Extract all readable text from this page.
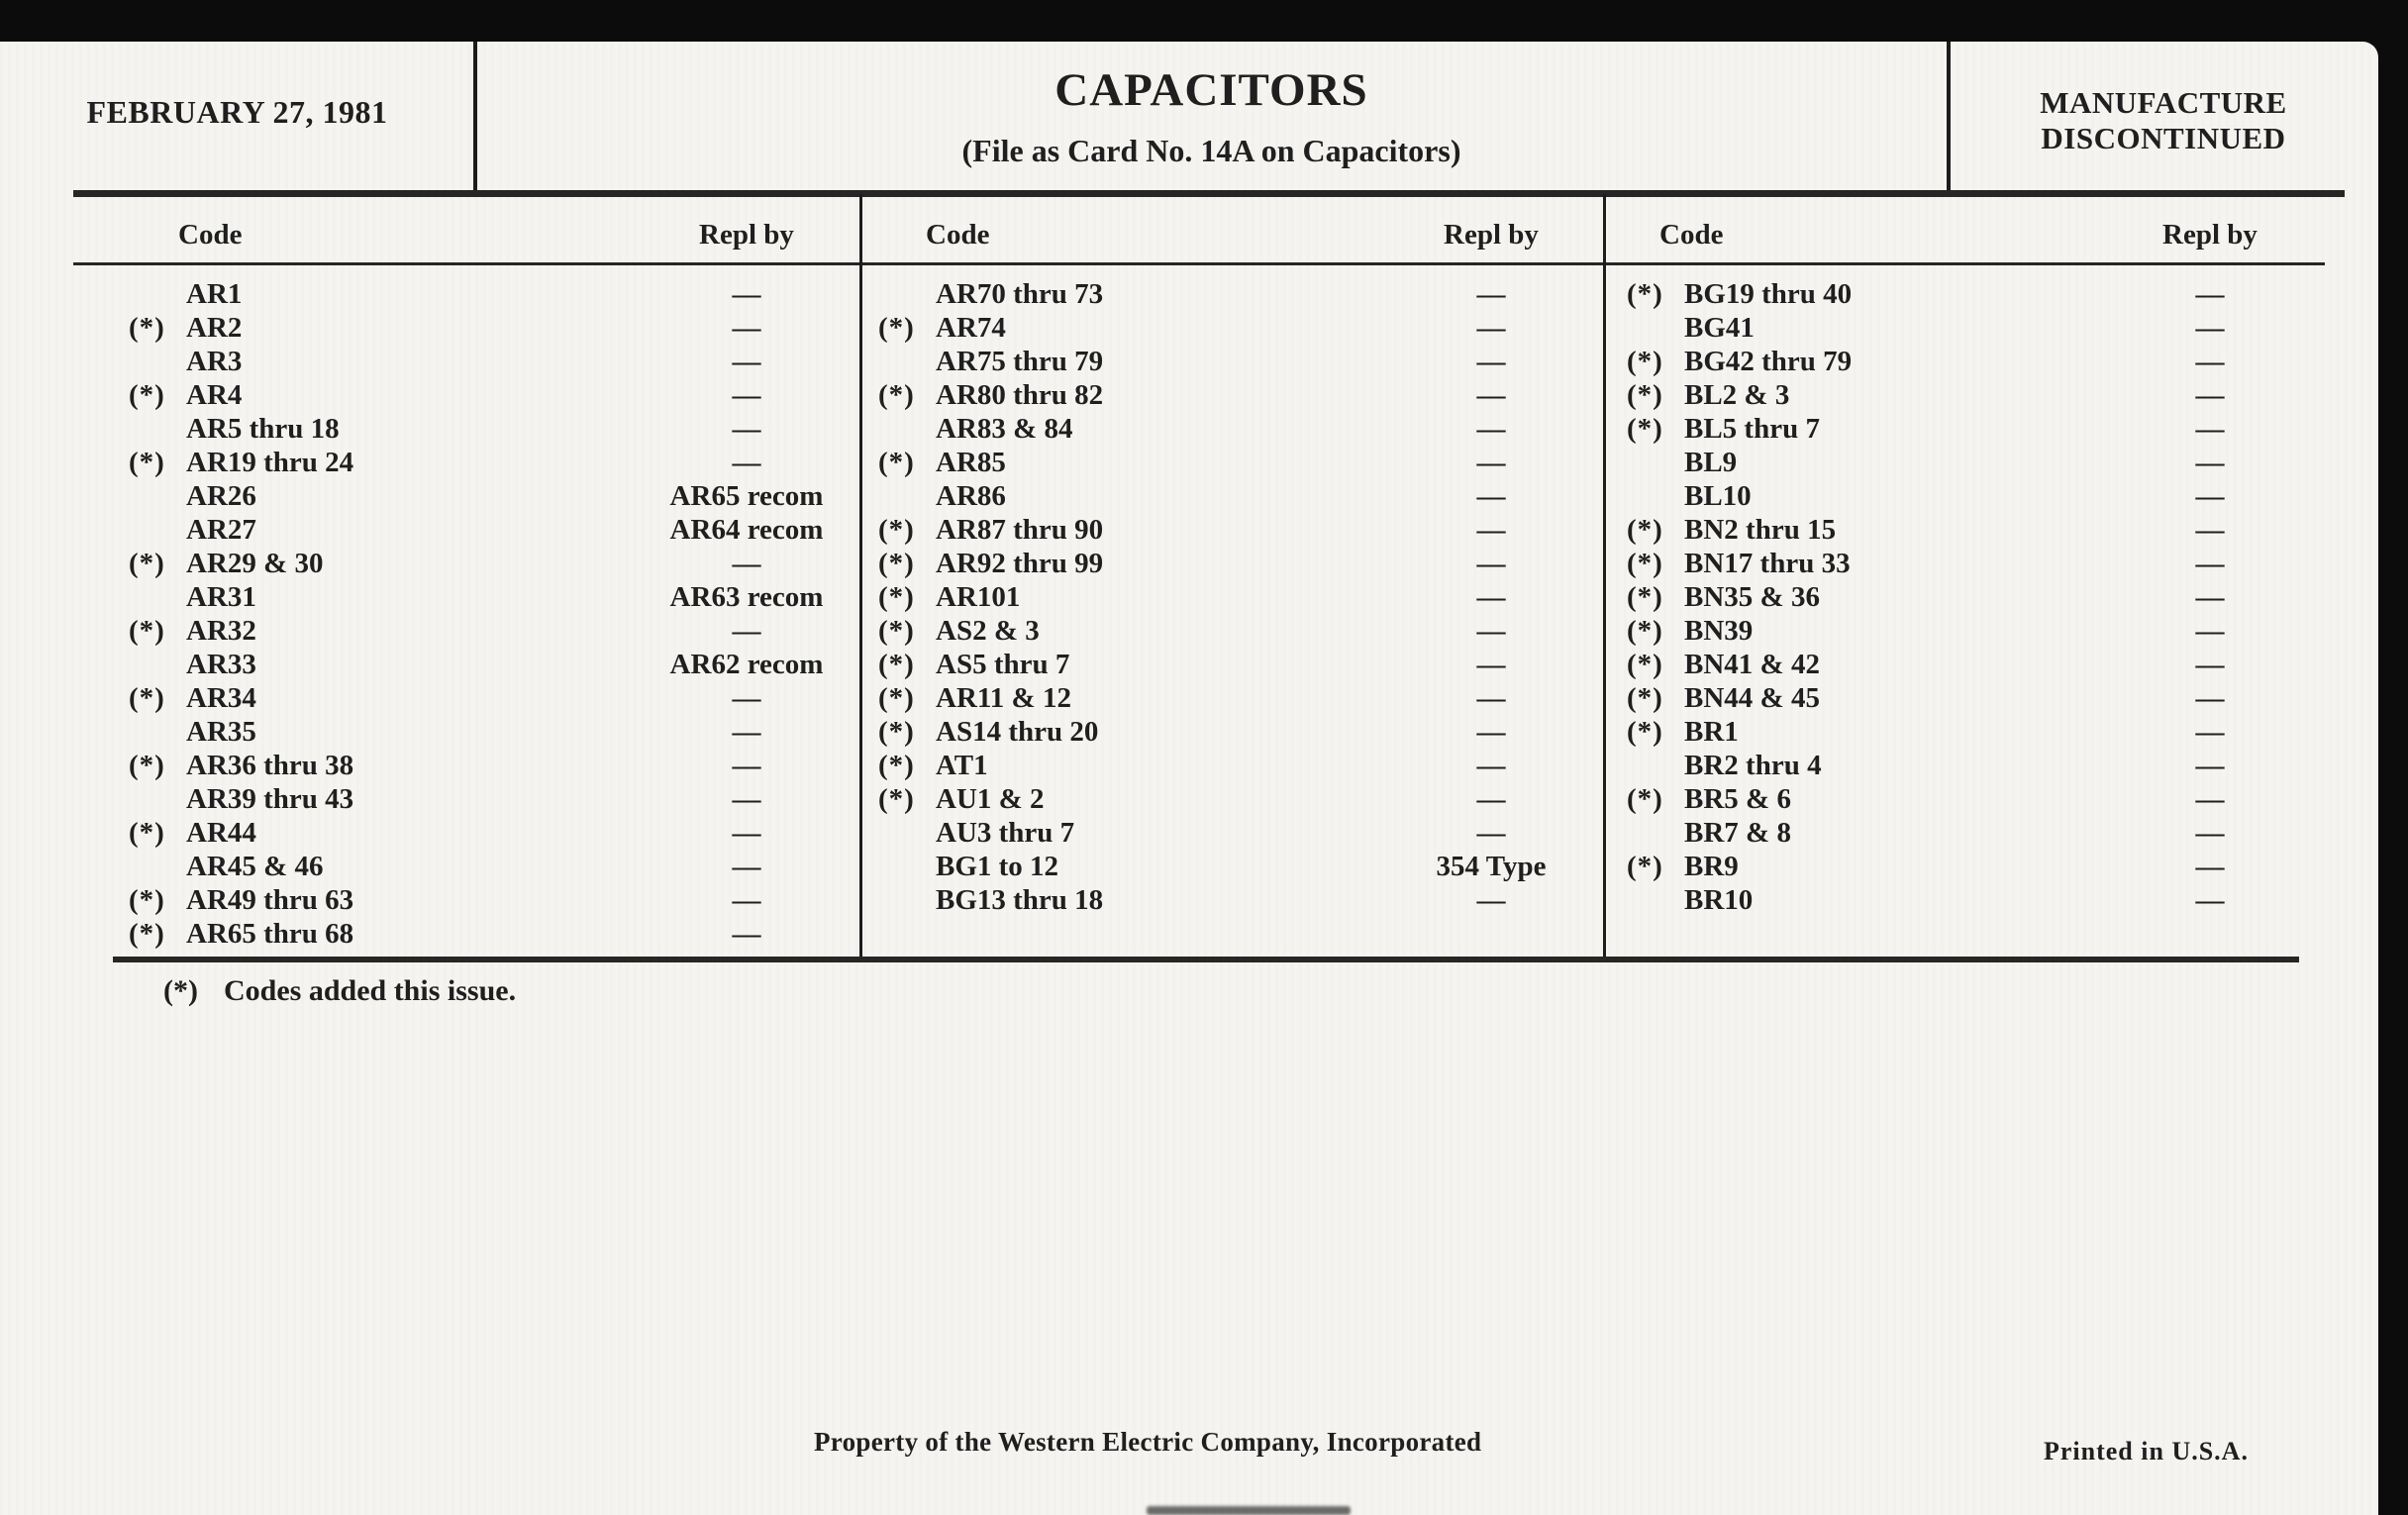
FEBRUARY 27, 1981	CAPACITORS
(File as Card No. 14A on Capacitors)
MANUFACTURE
DISCONTINUED
Code	Repl by
AR1	—
(*) AR2	—
AR3	—
(*) AR4	—
AR5 thru 18	—
(*) AR19 thru 24	—
AR26	AR65 recom
AR27	AR64 recom
(*) AR29 & 30	—
AR31	AR63 recom
(*) AR32	—
AR33	AR62 recom
(*) AR34	—
AR35	—
(*) AR36 thru 38	—
AR39 thru 43	—
(*) AR44	—
AR45 & 46	—
(*) AR49 thru 63	—
(*) AR65 thru 68	—
Code	Repl by
AR70 thru 73	—
(*) AR74	—
AR75 thru 79	—
(*) AR80 thru 82	—
AR83 & 84	—
(*) AR85	—
AR86	—
(*) AR87 thru 90	—
(*) AR92 thru 99	—
(*) AR101	—
(*) AS2 & 3	—
(*) AS5 thru 7	—
(*) AR11 & 12	—
(*) AS14 thru 20	—
(*) AT1	—
(*) AU1 & 2	—
AU3 thru 7	—
BG1 to 12	354 Type
BG13 thru 18	—
Code	Repl by
(*) BG19 thru 40	—
BG41	—
(*) BG42 thru 79	—
(*) BL2 & 3	—
(*) BL5 thru 7	—
BL9	—
BL10	—
(*) BN2 thru 15	—
(*) BN17 thru 33	—
(*) BN35 & 36	—
(*) BN39	—
(*) BN41 & 42	—
(*) BN44 & 45	—
(*) BR1	—
BR2 thru 4	—
(*) BR5 & 6	—
BR7 & 8	—
(*) BR9	—
BR10	—
(*) Codes added this issue.
Property of the Western Electric Company, Incorporated	Printed in U.S.A.
